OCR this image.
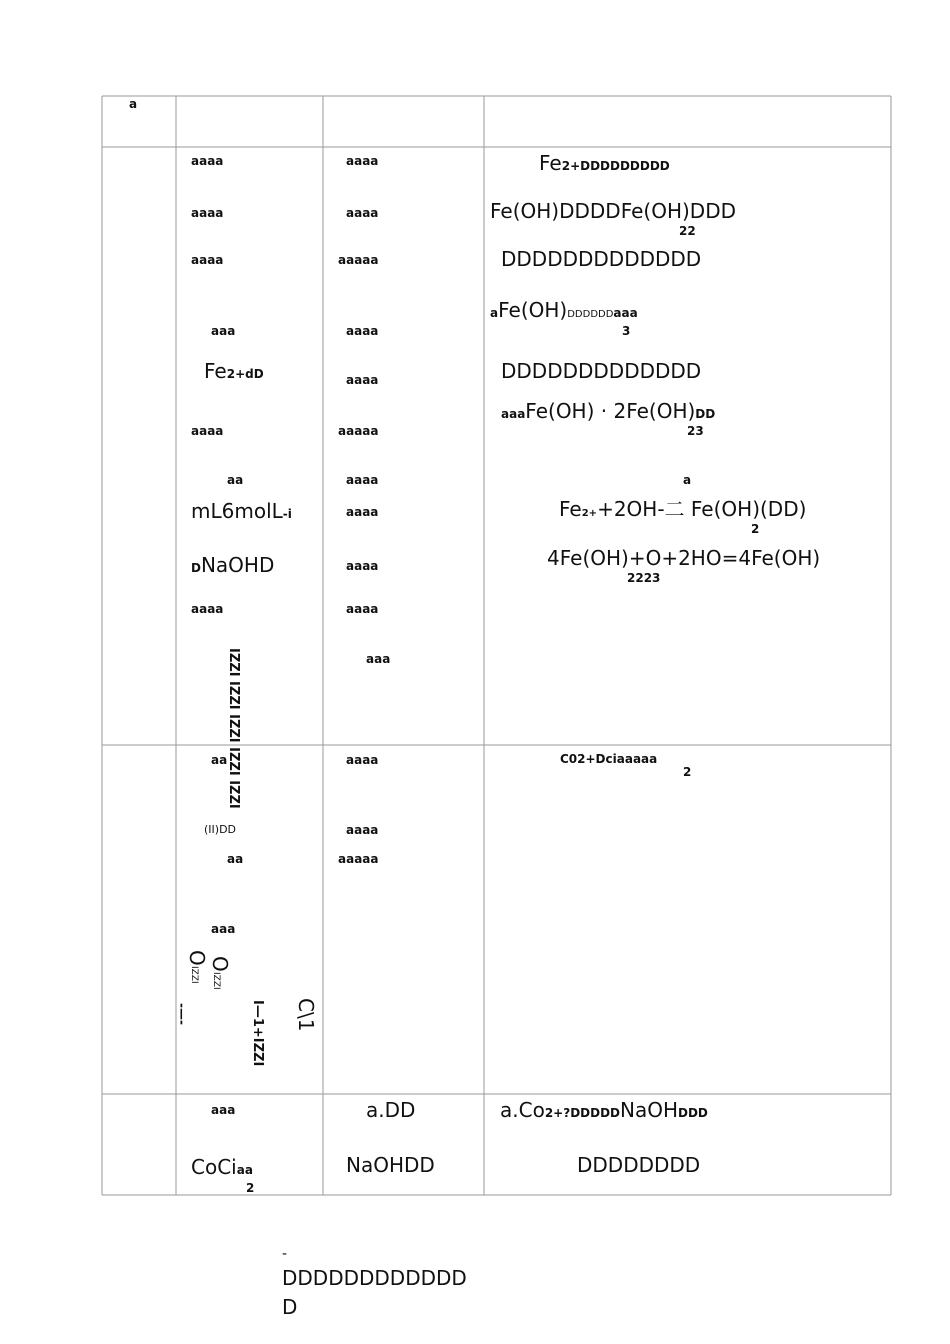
a
aaaa
aaaa
aaaa
aaa
Fe2+dD
aaaa
aa
mL6molL-i
DNaOHD
aaaa
IZZI IZZI IZZI IZZI IZZI
aaaa
aaaa
aaaaa
aaaa
aaaa
aaaaa
aaaa
aaaa
aaaa
aaaa
aaa
Fe2+DDDDDDDDD
Fe(OH)DDDDFe(OH)DDD
22
DDDDDDDDDDDDD
aFe(OH)DDDDDDaaa
3
DDDDDDDDDDDDD
aaaFe(OH) · 2Fe(OH)DD
23
a
Fe2++2OH-二 Fe(OH)(DD)
2
4Fe(OH)+O+2HO=4Fe(OH)
2223
aa
(II)DD
aa
aaa
O
IZZI
O
IZZI
-—-	I—1+IZZI C\1
aaaa
aaaa
aaaaa
C02+Dciaaaaa
2
aaa
CoCiaa
2
a.DD
NaOHDD
a.Co2+?DDDDDNaOHDDD
DDDDDDDD
-
DDDDDDDDDDDD
D
